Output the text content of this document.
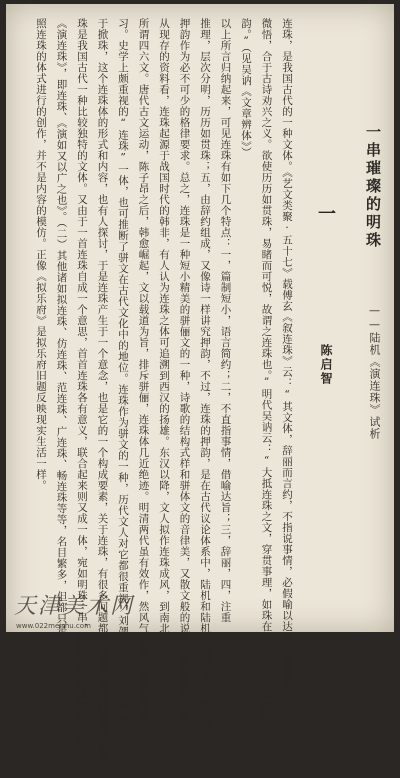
连珠，是我国古代的一种文体。《艺文类聚·五十七》载傅玄《叙连珠》云：“其文体，辞丽而言约，不指说事情，必假喻以达旨，而贤者
微悟，合于古诗劝兴之义。欲使历历如贯珠，易睹而可悦，故谓之连珠也。”明代吴讷云：“大抵连珠之文，穿贯事理，如珠在贯。……其体则四六对偶而有
韵。”（见吴讷《文章辨体》）
以上所言归纳起来，可见连珠有如下几个特点：一，篇制短小，语言简约；二，不直指事情，借喻达旨；三，辞丽，四，注重
推理，层次分明，历历如贯珠；五，由辞约组成，又像诗一样讲究押韵，不过，连珠的押韵，是在古代议论体系中，陆机和陆机以前的连珠，都未把
押韵作为必不可少的格律要求。总之，连珠是一种短小精美的骈俪文的一种，诗歌的结构式样和骈体文的音律美，又散文般的说理，风格多样，是一
从现存的资料看，连珠起源于战国时代的韩非，有人认为连珠之体可追溯到西汉的扬雄。东汉以降，文人拟作连珠成风，到南北朝，连珠创作更为兴
所谓四六文。唐代古文运动，陈子昂之后，韩愈崛起，文以载道为旨，排斥骈俪，连珠体几近绝迹。明清两代虽有效作，然风气已衰，连珠创作更为兴
习。史学上颇重视的“连珠”一体，也可推断了骈文在古代文化中的地位。连珠作为骈文的一种，历代文人对它都很重视，刘勰在《文心雕龙》中，将连珠
于掀珠，这个连珠体的形式和内容，也有人探讨，于是连珠产生于一个意念，也是它的一个构成要素，关于连珠，有很多问题都没有得到充分的解答。但是
珠是我国古代一种比较独特的文体。又由于一首连珠自成一个意思，首首连珠各有意义，联合起来则又成一体，宛如明珠一串，陆机《演连珠》堪称典范，
《演连珠》，即连珠、《演如又以广之也》。（二）其他诸如拟连珠、仿连珠、范连珠、广连珠、畅连珠等等，名目繁多，但都只是
照连珠的体式进行的创作，并不是内容的模仿。正像《拟乐府》是拟乐府旧题反映现实生活一样。	一串璀璨的明珠
——陆机《演连珠》试析
陈启智
一
天津美术网
www.022meishu.com
